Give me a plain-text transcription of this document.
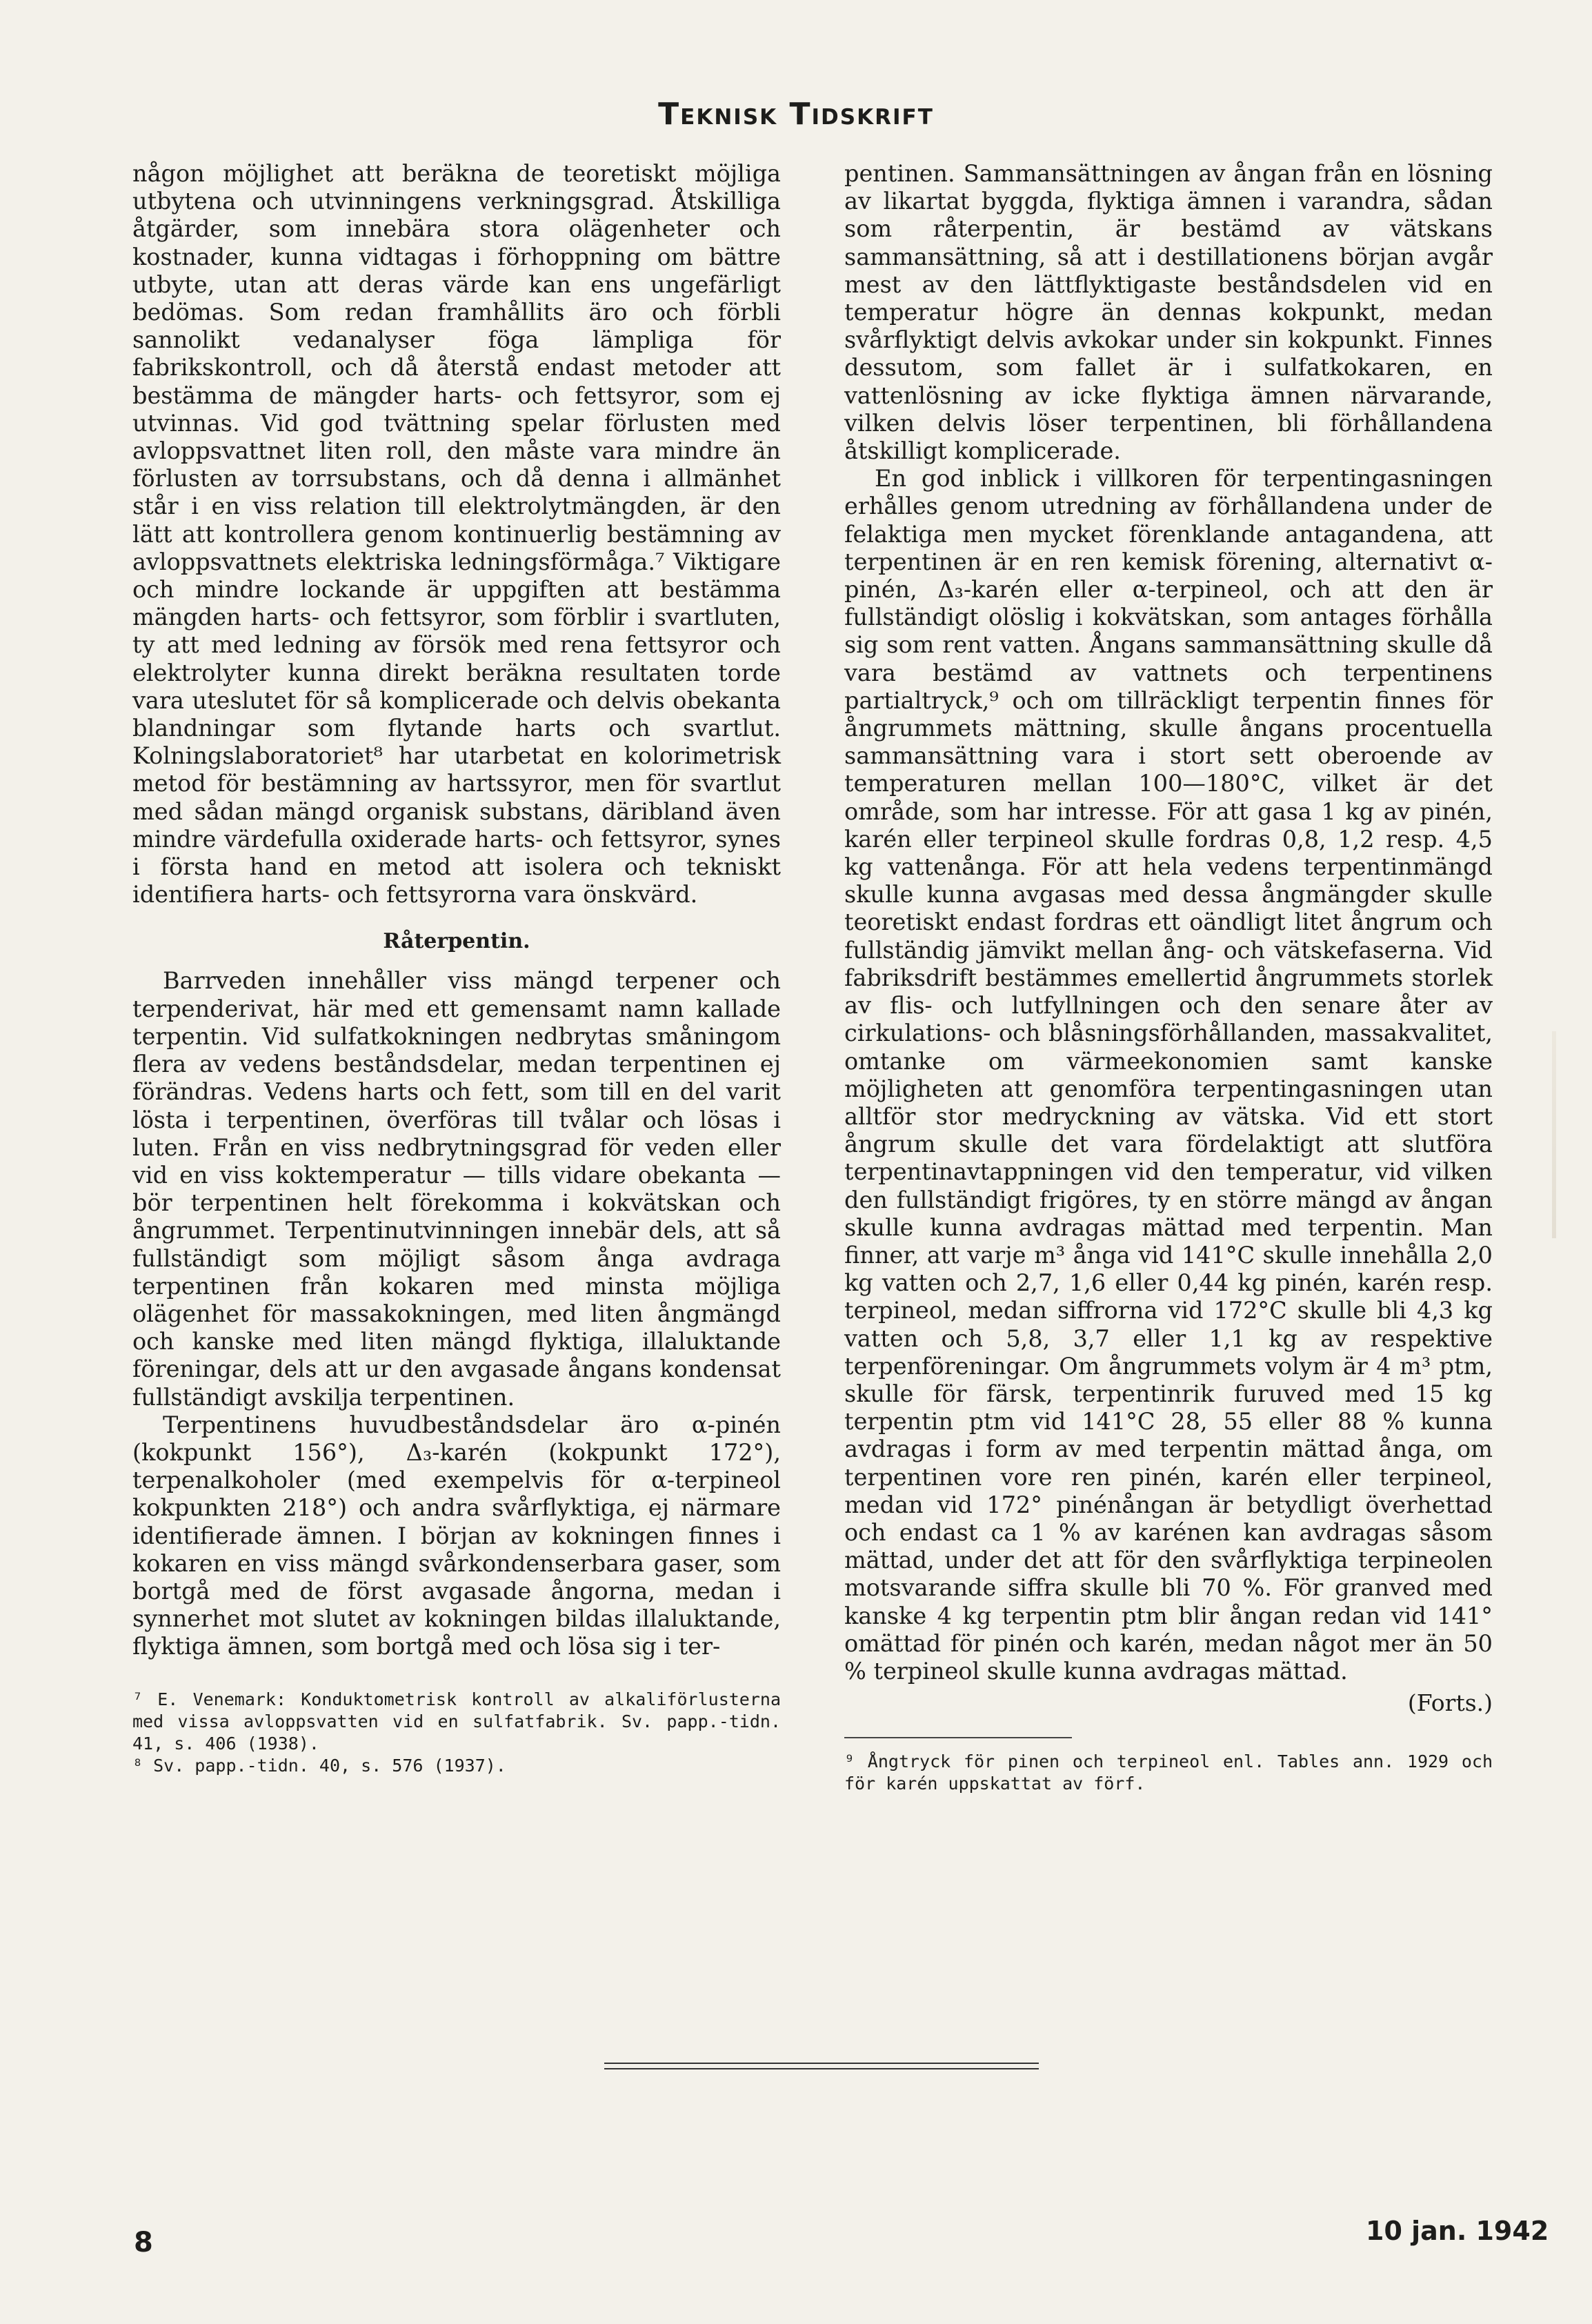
Teknisk Tidskrift

någon möjlighet att beräkna de teoretiskt möjliga utbytena och utvinningens verkningsgrad. Åtskilliga åtgärder, som innebära stora olägenheter och kostnader, kunna vidtagas i förhoppning om bättre utbyte, utan att deras värde kan ens ungefärligt bedömas. Som redan framhållits äro och förbli sannolikt vedanalyser föga lämpliga för fabrikskontroll, och då återstå endast metoder att bestämma de mängder harts- och fettsyror, som ej utvinnas. Vid god tvättning spelar förlusten med avloppsvattnet liten roll, den måste vara mindre än förlusten av torrsubstans, och då denna i allmänhet står i en viss relation till elektrolytmängden, är den lätt att kontrollera genom kontinuerlig bestämning av avloppsvattnets elektriska ledningsförmåga.⁷ Viktigare och mindre lockande är uppgiften att bestämma mängden harts- och fettsyror, som förblir i svartluten, ty att med ledning av försök med rena fettsyror och elektrolyter kunna direkt beräkna resultaten torde vara uteslutet för så komplicerade och delvis obekanta blandningar som flytande harts och svartlut. Kolningslaboratoriet⁸ har utarbetat en kolorimetrisk metod för bestämning av hartssyror, men för svartlut med sådan mängd organisk substans, däribland även mindre värdefulla oxiderade harts- och fettsyror, synes i första hand en metod att isolera och tekniskt identifiera harts- och fettsyrorna vara önskvärd.

Råterpentin.

Barrveden innehåller viss mängd terpener och terpenderivat, här med ett gemensamt namn kallade terpentin. Vid sulfatkokningen nedbrytas småningom flera av vedens beståndsdelar, medan terpentinen ej förändras. Vedens harts och fett, som till en del varit lösta i terpentinen, överföras till tvålar och lösas i luten. Från en viss nedbrytningsgrad för veden eller vid en viss koktemperatur — tills vidare obekanta — bör terpentinen helt förekomma i kokvätskan och ångrummet. Terpentinutvinningen innebär dels, att så fullständigt som möjligt såsom ånga avdraga terpentinen från kokaren med minsta möjliga olägenhet för massakokningen, med liten ångmängd och kanske med liten mängd flyktiga, illaluktande föreningar, dels att ur den avgasade ångans kondensat fullständigt avskilja terpentinen.

Terpentinens huvudbeståndsdelar äro α-pinén (kokpunkt 156°), Δ₃-karén (kokpunkt 172°), terpenalkoholer (med exempelvis för α-terpineol kokpunkten 218°) och andra svårflyktiga, ej närmare identifierade ämnen. I början av kokningen finnes i kokaren en viss mängd svårkondenserbara gaser, som bortgå med de först avgasade ångorna, medan i synnerhet mot slutet av kokningen bildas illaluktande, flyktiga ämnen, som bortgå med och lösa sig i ter-

⁷ E. Venemark: Konduktometrisk kontroll av alkaliförlusterna med vissa avloppsvatten vid en sulfatfabrik. Sv. papp.-tidn. 41, s. 406 (1938).
⁸ Sv. papp.-tidn. 40, s. 576 (1937).

pentinen. Sammansättningen av ångan från en lösning av likartat byggda, flyktiga ämnen i varandra, sådan som råterpentin, är bestämd av vätskans sammansättning, så att i destillationens början avgår mest av den lättflyktigaste beståndsdelen vid en temperatur högre än dennas kokpunkt, medan svårflyktigt delvis avkokar under sin kokpunkt. Finnes dessutom, som fallet är i sulfatkokaren, en vattenlösning av icke flyktiga ämnen närvarande, vilken delvis löser terpentinen, bli förhållandena åtskilligt komplicerade.

En god inblick i villkoren för terpentingasningen erhålles genom utredning av förhållandena under de felaktiga men mycket förenklande antagandena, att terpentinen är en ren kemisk förening, alternativt α-pinén, Δ₃-karén eller α-terpineol, och att den är fullständigt olöslig i kokvätskan, som antages förhålla sig som rent vatten. Ångans sammansättning skulle då vara bestämd av vattnets och terpentinens partialtryck,⁹ och om tillräckligt terpentin finnes för ångrummets mättning, skulle ångans procentuella sammansättning vara i stort sett oberoende av temperaturen mellan 100—180°C, vilket är det område, som har intresse. För att gasa 1 kg av pinén, karén eller terpineol skulle fordras 0,8, 1,2 resp. 4,5 kg vattenånga. För att hela vedens terpentinmängd skulle kunna avgasas med dessa ångmängder skulle teoretiskt endast fordras ett oändligt litet ångrum och fullständig jämvikt mellan ång- och vätskefaserna. Vid fabriksdrift bestämmes emellertid ångrummets storlek av flis- och lutfyllningen och den senare åter av cirkulations- och blåsningsförhållanden, massakvalitet, omtanke om värmeekonomien samt kanske möjligheten att genomföra terpentingasningen utan alltför stor medryckning av vätska. Vid ett stort ångrum skulle det vara fördelaktigt att slutföra terpentinavtappningen vid den temperatur, vid vilken den fullständigt frigöres, ty en större mängd av ångan skulle kunna avdragas mättad med terpentin. Man finner, att varje m³ ånga vid 141°C skulle innehålla 2,0 kg vatten och 2,7, 1,6 eller 0,44 kg pinén, karén resp. terpineol, medan siffrorna vid 172°C skulle bli 4,3 kg vatten och 5,8, 3,7 eller 1,1 kg av respektive terpenföreningar. Om ångrummets volym är 4 m³ ptm, skulle för färsk, terpentinrik furuved med 15 kg terpentin ptm vid 141°C 28, 55 eller 88 % kunna avdragas i form av med terpentin mättad ånga, om terpentinen vore ren pinén, karén eller terpineol, medan vid 172° pinénångan är betydligt överhettad och endast ca 1 % av karénen kan avdragas såsom mättad, under det att för den svårflyktiga terpineolen motsvarande siffra skulle bli 70 %. För granved med kanske 4 kg terpentin ptm blir ångan redan vid 141° omättad för pinén och karén, medan något mer än 50 % terpineol skulle kunna avdragas mättad.

(Forts.)
⁹ Ångtryck för pinen och terpineol enl. Tables ann. 1929 och för karén uppskattat av förf.
8	10 jan. 1942
